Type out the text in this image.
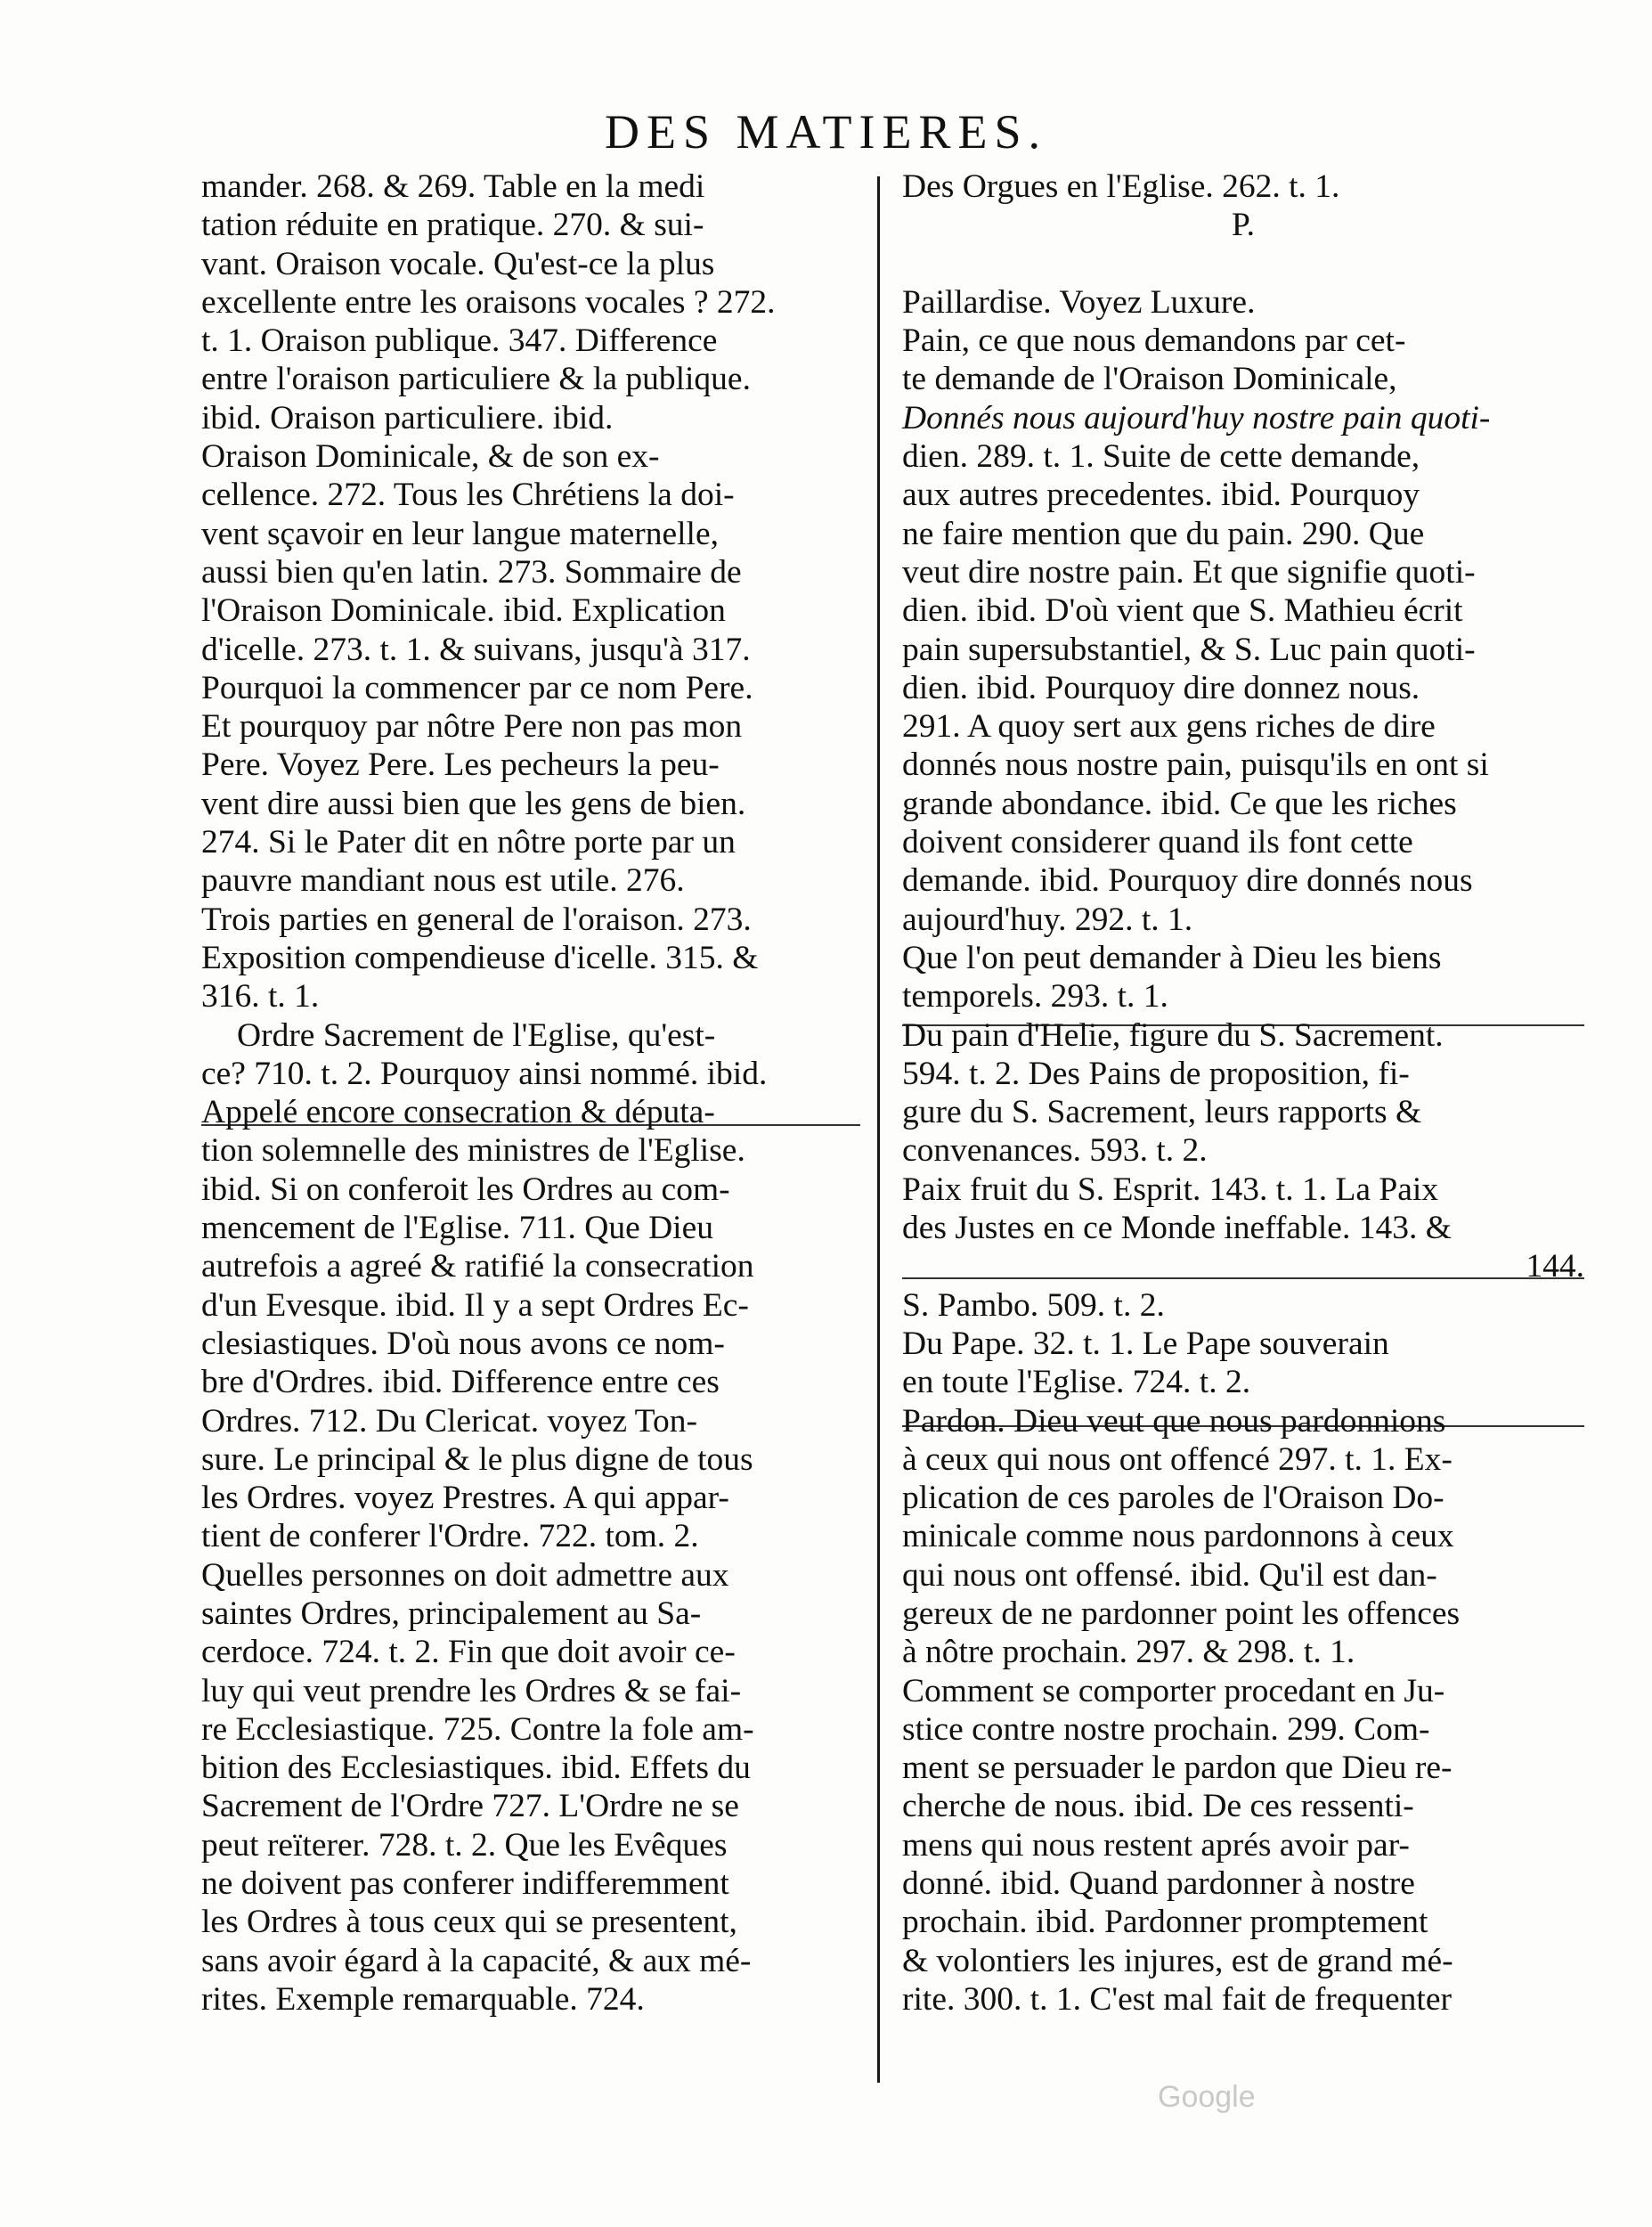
DES MATIERES.
mander. 268. & 269. Table en la medi
tation réduite en pratique. 270. & sui-
vant. Oraison vocale. Qu'est-ce la plus
excellente entre les oraisons vocales ? 272.
t. 1. Oraison publique. 347. Difference
entre l'oraison particuliere & la publique.
ibid. Oraison particuliere. ibid.
Oraison Dominicale, & de son ex-
cellence. 272. Tous les Chrétiens la doi-
vent sçavoir en leur langue maternelle,
aussi bien qu'en latin. 273. Sommaire de
l'Oraison Dominicale. ibid. Explication
d'icelle. 273. t. 1. & suivans, jusqu'à 317.
Pourquoi la commencer par ce nom Pere.
Et pourquoy par nôtre Pere non pas mon
Pere. Voyez Pere. Les pecheurs la peu-
vent dire aussi bien que les gens de bien.
274. Si le Pater dit en nôtre porte par un
pauvre mandiant nous est utile. 276.
Trois parties en general de l'oraison. 273.
Exposition compendieuse d'icelle. 315. &
316. t. 1.
Ordre Sacrement de l'Eglise, qu'est-
ce? 710. t. 2. Pourquoy ainsi nommé. ibid.
Appelé encore consecration & députa-
tion solemnelle des ministres de l'Eglise.
ibid. Si on conferoit les Ordres au com-
mencement de l'Eglise. 711. Que Dieu
autrefois a agreé & ratifié la consecration
d'un Evesque. ibid. Il y a sept Ordres Ec-
clesiastiques. D'où nous avons ce nom-
bre d'Ordres. ibid. Difference entre ces
Ordres. 712. Du Clericat. voyez Ton-
sure. Le principal & le plus digne de tous
les Ordres. voyez Prestres. A qui appar-
tient de conferer l'Ordre. 722. tom. 2.
Quelles personnes on doit admettre aux
saintes Ordres, principalement au Sa-
cerdoce. 724. t. 2. Fin que doit avoir ce-
luy qui veut prendre les Ordres & se fai-
re Ecclesiastique. 725. Contre la fole am-
bition des Ecclesiastiques. ibid. Effets du
Sacrement de l'Ordre 727. L'Ordre ne se
peut reïterer. 728. t. 2. Que les Evêques
ne doivent pas conferer indifferemment
les Ordres à tous ceux qui se presentent,
sans avoir égard à la capacité, & aux mé-
rites. Exemple remarquable. 724.
Des Orgues en l'Eglise. 262. t. 1.
P.
Paillardise. Voyez Luxure.
Pain, ce que nous demandons par cet-
te demande de l'Oraison Dominicale,
Donnés nous aujourd'huy nostre pain quoti-
dien. 289. t. 1. Suite de cette demande,
aux autres precedentes. ibid. Pourquoy
ne faire mention que du pain. 290. Que
veut dire nostre pain. Et que signifie quoti-
dien. ibid. D'où vient que S. Mathieu écrit
pain supersubstantiel, & S. Luc pain quoti-
dien. ibid. Pourquoy dire donnez nous.
291. A quoy sert aux gens riches de dire
donnés nous nostre pain, puisqu'ils en ont si
grande abondance. ibid. Ce que les riches
doivent considerer quand ils font cette
demande. ibid. Pourquoy dire donnés nous
aujourd'huy. 292. t. 1.
Que l'on peut demander à Dieu les biens
temporels. 293. t. 1.
Du pain d'Helie, figure du S. Sacrement.
594. t. 2. Des Pains de proposition, fi-
gure du S. Sacrement, leurs rapports &
convenances. 593. t. 2.
Paix fruit du S. Esprit. 143. t. 1. La Paix
des Justes en ce Monde ineffable. 143. &
144.
S. Pambo. 509. t. 2.
Du Pape. 32. t. 1. Le Pape souverain
en toute l'Eglise. 724. t. 2.
Pardon. Dieu veut que nous pardonnions
à ceux qui nous ont offencé 297. t. 1. Ex-
plication de ces paroles de l'Oraison Do-
minicale comme nous pardonnons à ceux
qui nous ont offensé. ibid. Qu'il est dan-
gereux de ne pardonner point les offences
à nôtre prochain. 297. & 298. t. 1.
Comment se comporter procedant en Ju-
stice contre nostre prochain. 299. Com-
ment se persuader le pardon que Dieu re-
cherche de nous. ibid. De ces ressenti-
mens qui nous restent aprés avoir par-
donné. ibid. Quand pardonner à nostre
prochain. ibid. Pardonner promptement
& volontiers les injures, est de grand mé-
rite. 300. t. 1. C'est mal fait de frequenter
Google
